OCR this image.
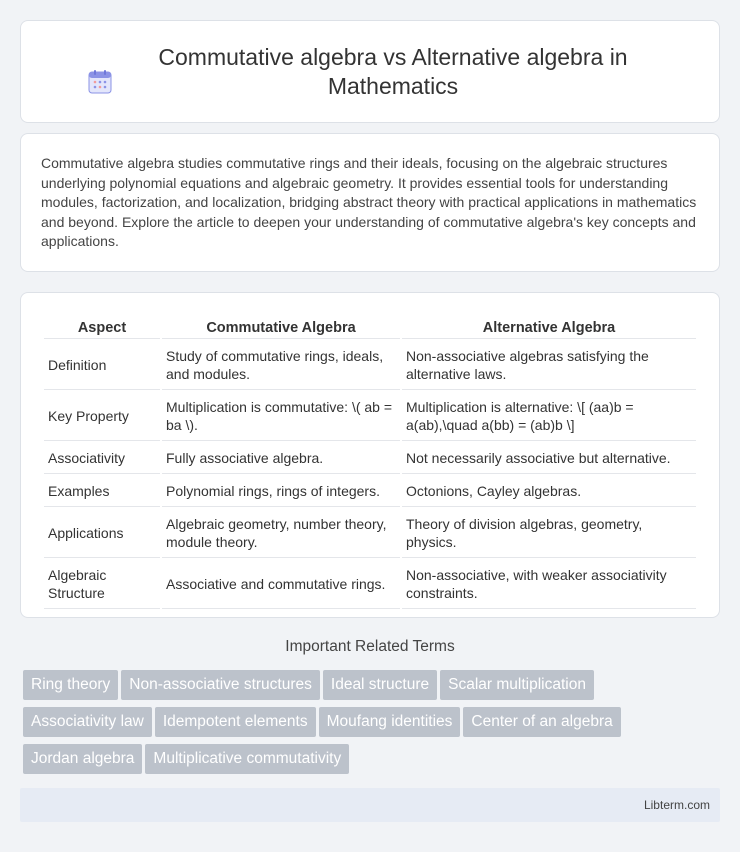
Commutative algebra vs Alternative algebra in Mathematics

Commutative algebra studies commutative rings and their ideals, focusing on the algebraic structures underlying polynomial equations and algebraic geometry. It provides essential tools for understanding modules, factorization, and localization, bridging abstract theory with practical applications in mathematics and beyond. Explore the article to deepen your understanding of commutative algebra's key concepts and applications.

Aspect	Commutative Algebra	Alternative Algebra
Definition	Study of commutative rings, ideals, and modules.	Non-associative algebras satisfying the alternative laws.
Key Property	Multiplication is commutative: \( ab = ba \).	Multiplication is alternative: \[ (aa)b = a(ab),\quad a(bb) = (ab)b \]
Associativity	Fully associative algebra.	Not necessarily associative but alternative.
Examples	Polynomial rings, rings of integers.	Octonions, Cayley algebras.
Applications	Algebraic geometry, number theory, module theory.	Theory of division algebras, geometry, physics.
Algebraic Structure	Associative and commutative rings.	Non-associative, with weaker associativity constraints.
Important Related Terms
Ring theory Non-associative structures Ideal structure Scalar multiplication
Associativity law Idempotent elements Moufang identities Center of an algebra
Jordan algebra Multiplicative commutativity
Libterm.com
